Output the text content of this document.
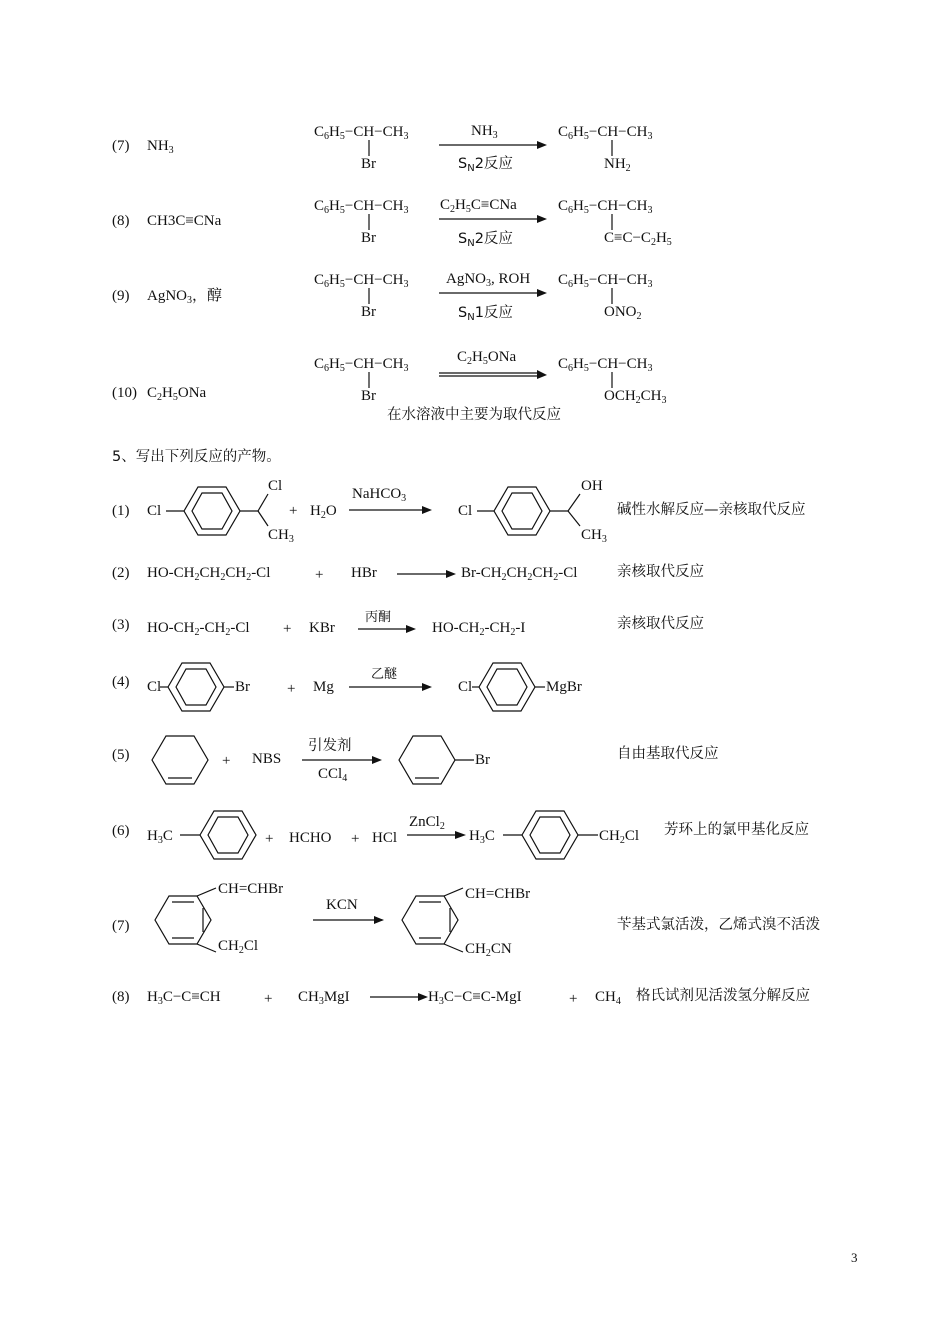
(7) $NH_3$
$C_6H_5-CH-CH_3$
Br
$NH_3$
$S_N2$反应
$C_6H_5-CH-CH_3$
$NH_2$
(8) CH3C≡CNa
$C_6H_5-CH-CH_3$
Br
$C_2H_5C\equiv CNa$
$S_N2$反应
$C_6H_5-CH-CH_3$
$C\equiv C-C_2H_5$
(9) AgNO$_3$，醇
$C_6H_5-CH-CH_3$
Br
AgNO$_3$, ROH
$S_N1$反应
$C_6H_5-CH-CH_3$
$ONO_2$
(10) $C_2H_5ONa$
$C_6H_5-CH-CH_3$
Br
$C_2H_5ONa$	$C_6H_5-CH-CH_3$
$OCH_2CH_3$
在水溶液中主要为取代反应
5、写出下列反应的产物。
(1) Cl
Cl
$CH_3$
+ $H_2O$
NaHCO$_3$
Cl
OH
$CH_3$
碱性水解反应—亲核取代反应
(2) $HO-CH_2CH_2CH_2-Cl$	+ HBr	$Br-CH_2CH_2CH_2-Cl$	亲核取代反应
(3) $HO-CH_2-CH_2-Cl$ + KBr
丙酮
$HO-CH_2-CH_2-I$	亲核取代反应
(4) Cl	Br + Mg
乙醚
Cl	MgBr
(5)	+ NBS
引发剂
CCl$_4$
Br	自由基取代反应
(6) $H_3C$	+ HCHO + HCl
ZnCl$_2$
$H_3C$	$CH_2Cl$ 芳环上的氯甲基化反应
(7)
CH=CHBr
$CH_2Cl$
KCN
CH=CHBr
$CH_2CN$
苄基式氯活泼，乙烯式溴不活泼
(8) $H_3C-C\equiv CH$	+ $CH_3MgI$	$H_3C-C\equiv C$-MgI	+ $CH_4$ 格氏试剂见活泼氢分解反应
3
